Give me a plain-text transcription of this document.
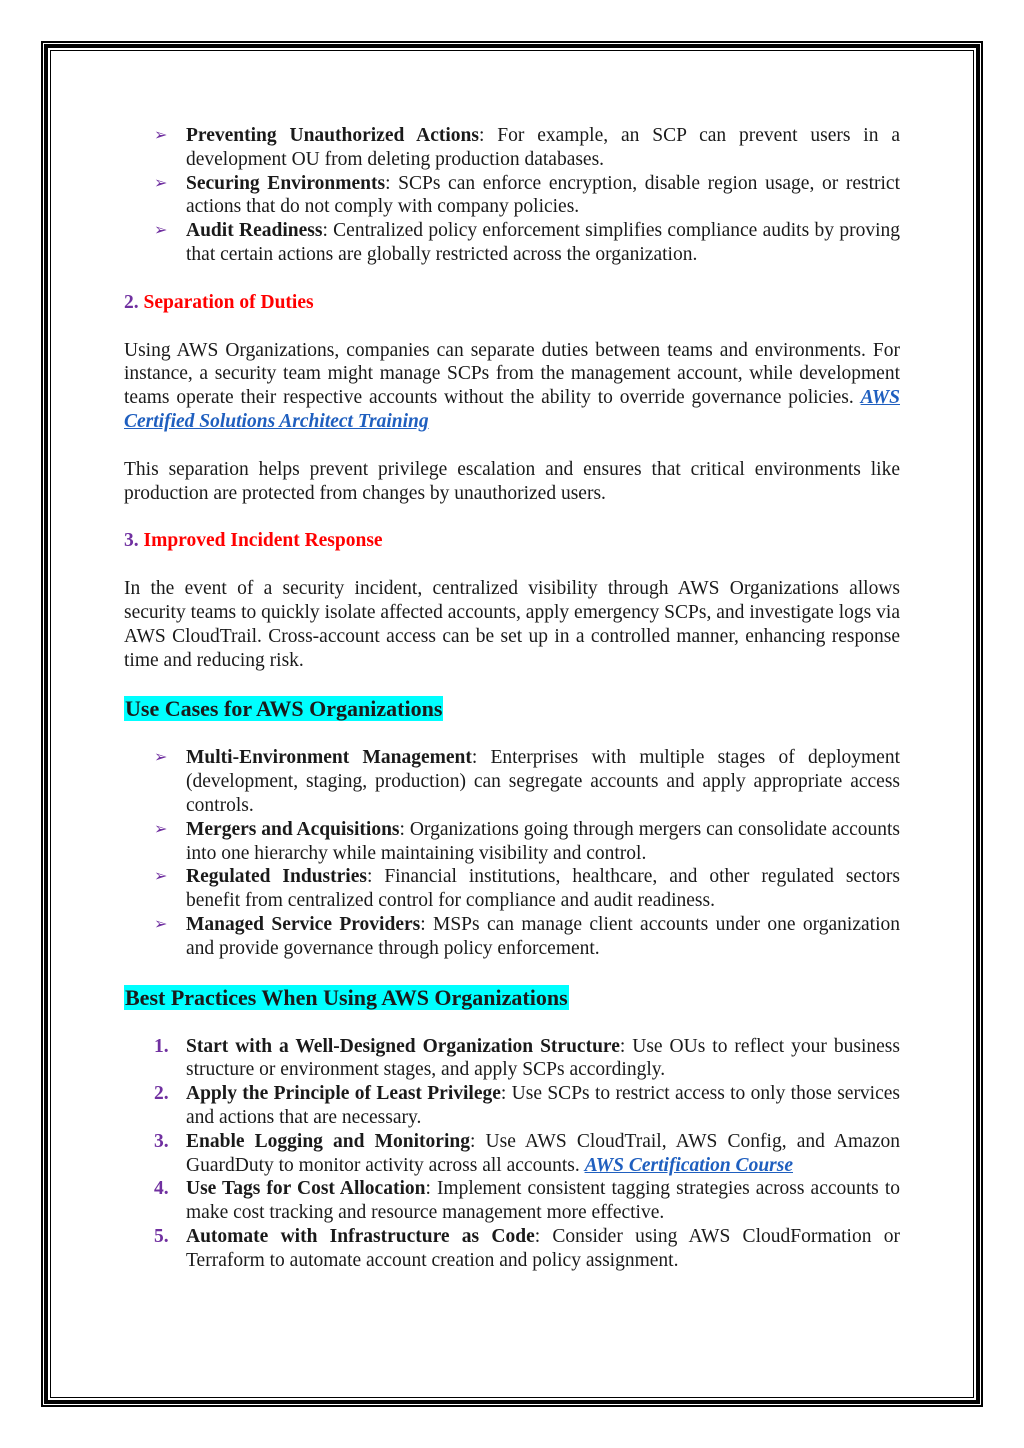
➢ Preventing Unauthorized Actions: For example, an SCP can prevent users in a development OU from deleting production databases.
➢ Securing Environments: SCPs can enforce encryption, disable region usage, or restrict actions that do not comply with company policies.
➢ Audit Readiness: Centralized policy enforcement simplifies compliance audits by proving that certain actions are globally restricted across the organization.

2. Separation of Duties

Using AWS Organizations, companies can separate duties between teams and environments. For instance, a security team might manage SCPs from the management account, while development teams operate their respective accounts without the ability to override governance policies. AWS Certified Solutions Architect Training

This separation helps prevent privilege escalation and ensures that critical environments like production are protected from changes by unauthorized users.

3. Improved Incident Response

In the event of a security incident, centralized visibility through AWS Organizations allows security teams to quickly isolate affected accounts, apply emergency SCPs, and investigate logs via AWS CloudTrail. Cross-account access can be set up in a controlled manner, enhancing response time and reducing risk.

Use Cases for AWS Organizations

➢ Multi-Environment Management: Enterprises with multiple stages of deployment (development, staging, production) can segregate accounts and apply appropriate access controls.
➢ Mergers and Acquisitions: Organizations going through mergers can consolidate accounts into one hierarchy while maintaining visibility and control.
➢ Regulated Industries: Financial institutions, healthcare, and other regulated sectors benefit from centralized control for compliance and audit readiness.
➢ Managed Service Providers: MSPs can manage client accounts under one organization and provide governance through policy enforcement.

Best Practices When Using AWS Organizations

1. Start with a Well-Designed Organization Structure: Use OUs to reflect your business structure or environment stages, and apply SCPs accordingly.
2. Apply the Principle of Least Privilege: Use SCPs to restrict access to only those services and actions that are necessary.
3. Enable Logging and Monitoring: Use AWS CloudTrail, AWS Config, and Amazon GuardDuty to monitor activity across all accounts. AWS Certification Course
4. Use Tags for Cost Allocation: Implement consistent tagging strategies across accounts to make cost tracking and resource management more effective.
5. Automate with Infrastructure as Code: Consider using AWS CloudFormation or Terraform to automate account creation and policy assignment.
